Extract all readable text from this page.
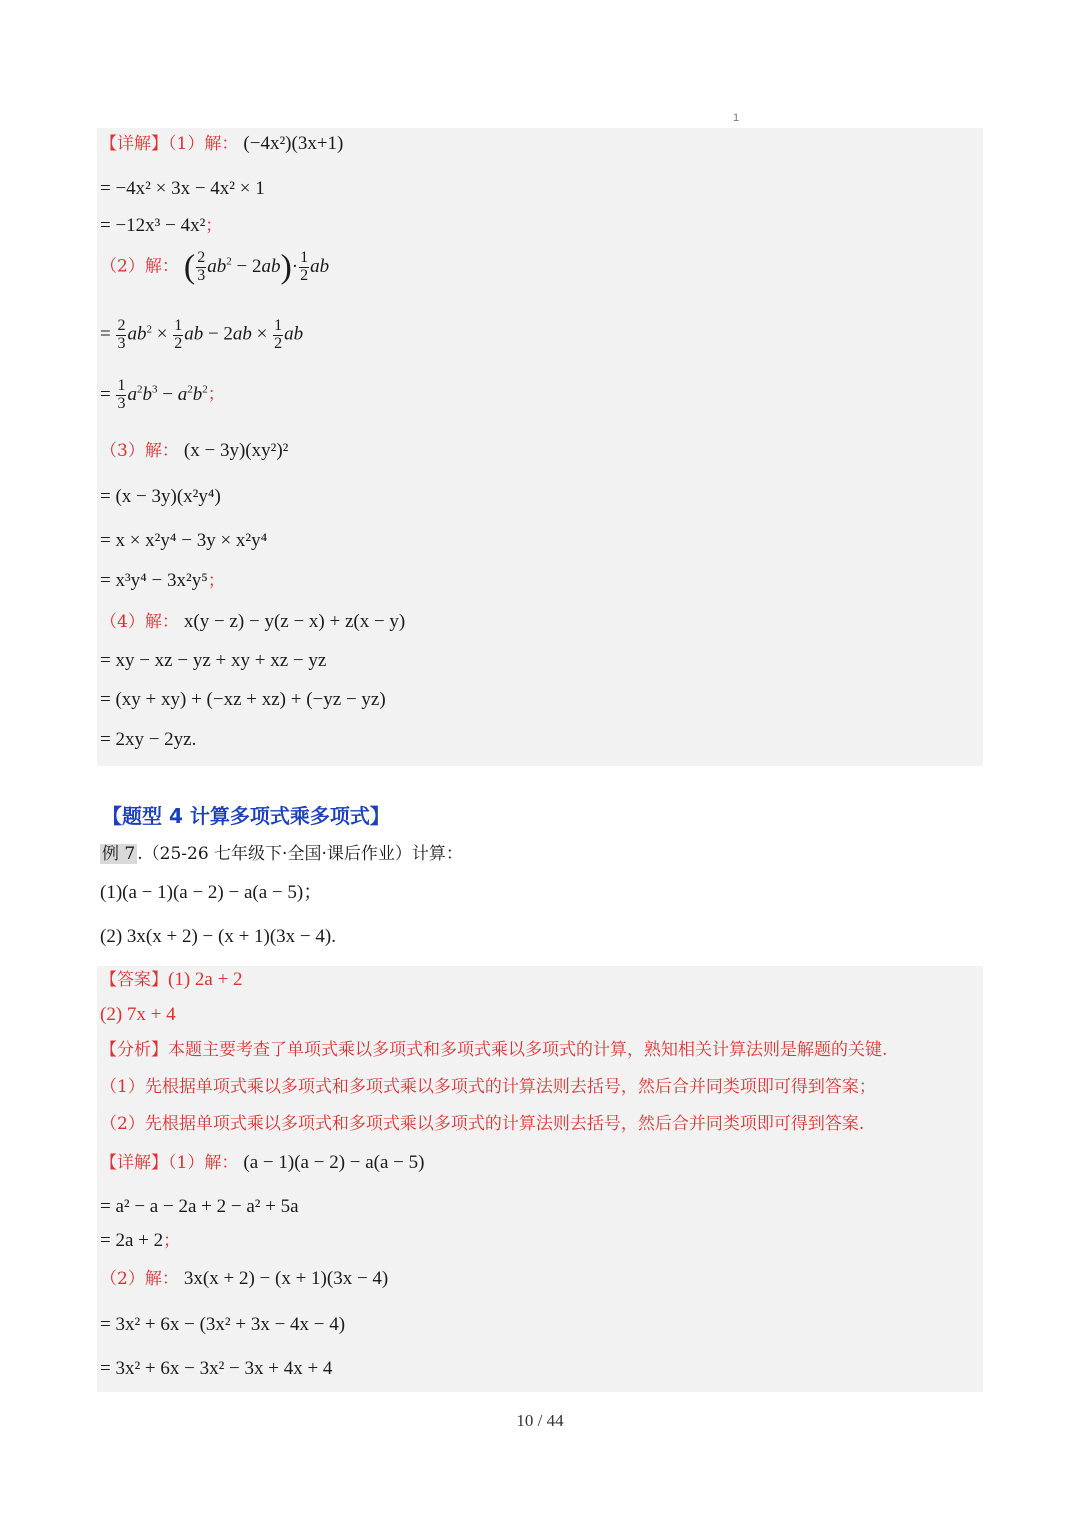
1
【详解】（1）解： (−4x²)(3x+1)
= −4x² × 3x − 4x² × 1
= −12x³ − 4x²；
（2）解： ( $\frac{2}{3} ab^2 - 2ab)\cdot \frac{1}{2}$ ab
= $\frac{2}{3} ab^2 \times \frac{1}{2}$ ab − $2ab \times \frac{1}{2}$ ab
= $\frac{1}{3} a^2b^3 - a^2b^2$；
（3）解： (x − 3y)(xy²)²
= (x − 3y)(x²y⁴)
= x × x²y⁴ − 3y × x²y⁴
= x³y⁴ − 3x²y⁵；
（4）解： x(y − z) − y(z − x) + z(x − y)
= xy − xz − yz + xy + xz − yz
= (xy + xy) + (−xz + xz) + (−yz − yz)
= 2xy − 2yz.
【题型 4 计算多项式乘多项式】
例 7 .（25-26 七年级下·全国·课后作业）计算：
(1)(a − 1)(a − 2) − a(a − 5)；
(2) 3x(x + 2) − (x + 1)(3x − 4).
【答案】(1) 2a + 2
(2) 7x + 4
【分析】本题主要考查了单项式乘以多项式和多项式乘以多项式的计算，熟知相关计算法则是解题的关键.
（1）先根据单项式乘以多项式和多项式乘以多项式的计算法则去括号，然后合并同类项即可得到答案；
（2）先根据单项式乘以多项式和多项式乘以多项式的计算法则去括号，然后合并同类项即可得到答案.
【详解】（1）解： (a − 1)(a − 2) − a(a − 5)
= a² − a − 2a + 2 − a² + 5a
= 2a + 2；
（2）解： 3x(x + 2) − (x + 1)(3x − 4)
= 3x² + 6x − (3x² + 3x − 4x − 4)
= 3x² + 6x − 3x² − 3x + 4x + 4
10 / 44
